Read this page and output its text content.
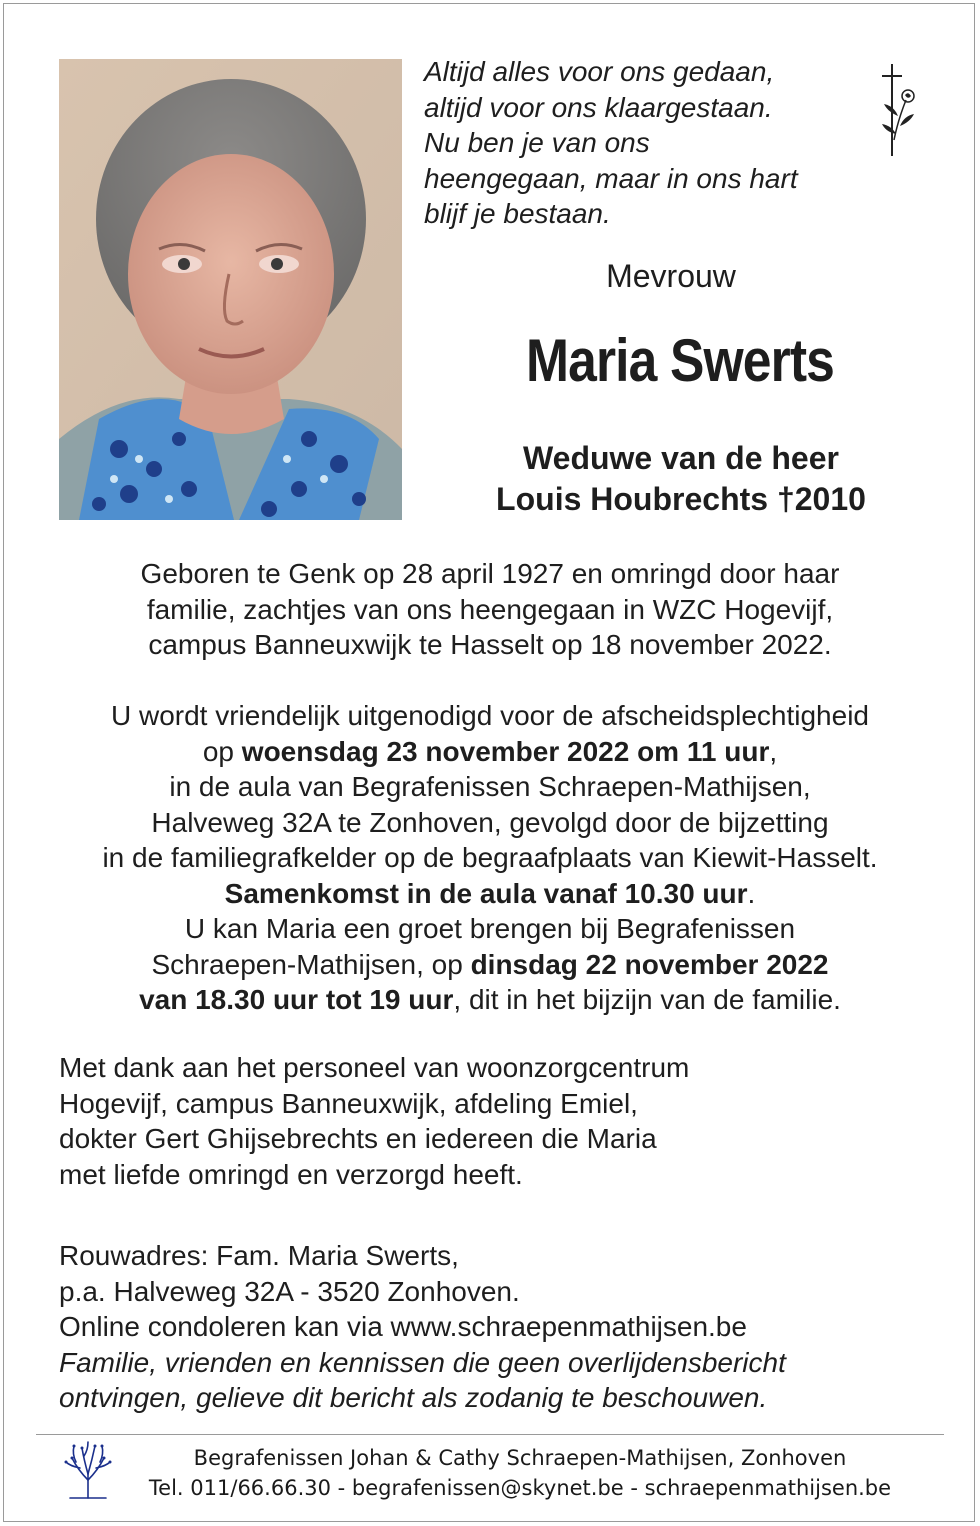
Altijd alles voor ons gedaan,
altijd voor ons klaargestaan.
Nu ben je van ons
heengegaan, maar in ons hart
blijf je bestaan.
Mevrouw
Maria Swerts
Weduwe van de heer
Louis Houbrechts †2010
Geboren te Genk op 28 april 1927 en omringd door haar
familie, zachtjes van ons heengegaan in WZC Hogevijf,
campus Banneuxwijk te Hasselt op 18 november 2022.
U wordt vriendelijk uitgenodigd voor de afscheidsplechtigheid
op woensdag 23 november 2022 om 11 uur,
in de aula van Begrafenissen Schraepen-Mathijsen,
Halveweg 32A te Zonhoven, gevolgd door de bijzetting
in de familiegrafkelder op de begraafplaats van Kiewit-Hasselt.
Samenkomst in de aula vanaf 10.30 uur.
U kan Maria een groet brengen bij Begrafenissen
Schraepen-Mathijsen, op dinsdag 22 november 2022
van 18.30 uur tot 19 uur, dit in het bijzijn van de familie.
Met dank aan het personeel van woonzorgcentrum
Hogevijf, campus Banneuxwijk, afdeling Emiel,
dokter Gert Ghijsebrechts en iedereen die Maria
met liefde omringd en verzorgd heeft.
Rouwadres: Fam. Maria Swerts,
p.a. Halveweg 32A - 3520 Zonhoven.
Online condoleren kan via www.schraepenmathijsen.be
Familie, vrienden en kennissen die geen overlijdensbericht
ontvingen, gelieve dit bericht als zodanig te beschouwen.
Begrafenissen Johan & Cathy Schraepen-Mathijsen, Zonhoven
Tel. 011/66.66.30 - begrafenissen@skynet.be - schraepenmathijsen.be
